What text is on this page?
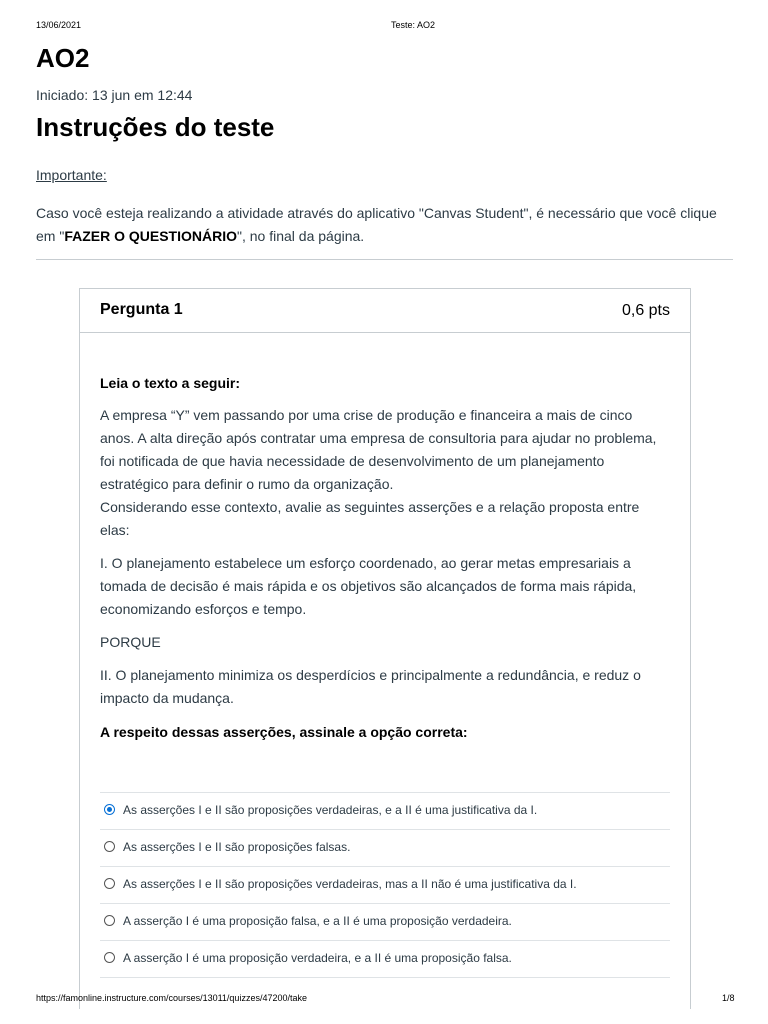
13/06/2021	Teste: AO2
AO2
Iniciado: 13 jun em 12:44
Instruções do teste
Importante:
Caso você esteja realizando a atividade através do aplicativo "Canvas Student", é necessário que você clique em "FAZER O QUESTIONÁRIO", no final da página.
Pergunta 1	0,6 pts

Leia o texto a seguir:

A empresa “Y” vem passando por uma crise de produção e financeira a mais de cinco anos. A alta direção após contratar uma empresa de consultoria para ajudar no problema, foi notificada de que havia necessidade de desenvolvimento de um planejamento estratégico para definir o rumo da organização.
Considerando esse contexto, avalie as seguintes asserções e a relação proposta entre elas:

I. O planejamento estabelece um esforço coordenado, ao gerar metas empresariais a tomada de decisão é mais rápida e os objetivos são alcançados de forma mais rápida, economizando esforços e tempo.

PORQUE

II. O planejamento minimiza os desperdícios e principalmente a redundância, e reduz o impacto da mudança.

A respeito dessas asserções, assinale a opção correta:

As asserções I e II são proposições verdadeiras, e a II é uma justificativa da I.
As asserções I e II são proposições falsas.
As asserções I e II são proposições verdadeiras, mas a II não é uma justificativa da I.
A asserção I é uma proposição falsa, e a II é uma proposição verdadeira.
A asserção I é uma proposição verdadeira, e a II é uma proposição falsa.
https://famonline.instructure.com/courses/13011/quizzes/47200/take	1/8
